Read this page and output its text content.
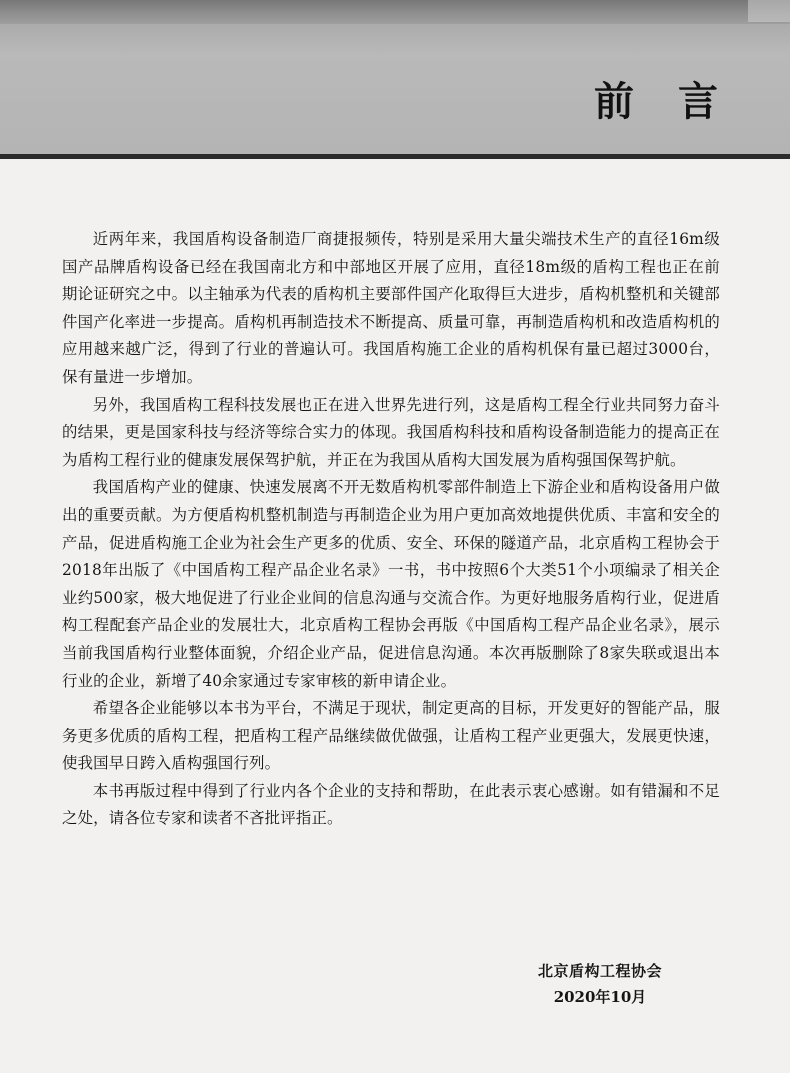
前言

近两年来，我国盾构设备制造厂商捷报频传，特别是采用大量尖端技术生产的直径16m级国产品牌盾构设备已经在我国南北方和中部地区开展了应用，直径18m级的盾构工程也正在前期论证研究之中。以主轴承为代表的盾构机主要部件国产化取得巨大进步，盾构机整机和关键部件国产化率进一步提高。盾构机再制造技术不断提高、质量可靠，再制造盾构机和改造盾构机的应用越来越广泛，得到了行业的普遍认可。我国盾构施工企业的盾构机保有量已超过3000台，保有量进一步增加。

另外，我国盾构工程科技发展也正在进入世界先进行列，这是盾构工程全行业共同努力奋斗的结果，更是国家科技与经济等综合实力的体现。我国盾构科技和盾构设备制造能力的提高正在为盾构工程行业的健康发展保驾护航，并正在为我国从盾构大国发展为盾构强国保驾护航。

我国盾构产业的健康、快速发展离不开无数盾构机零部件制造上下游企业和盾构设备用户做出的重要贡献。为方便盾构机整机制造与再制造企业为用户更加高效地提供优质、丰富和安全的产品，促进盾构施工企业为社会生产更多的优质、安全、环保的隧道产品，北京盾构工程协会于2018年出版了《中国盾构工程产品企业名录》一书，书中按照6个大类51个小项编录了相关企业约500家，极大地促进了行业企业间的信息沟通与交流合作。为更好地服务盾构行业，促进盾构工程配套产品企业的发展壮大，北京盾构工程协会再版《中国盾构工程产品企业名录》，展示当前我国盾构行业整体面貌，介绍企业产品，促进信息沟通。本次再版删除了8家失联或退出本行业的企业，新增了40余家通过专家审核的新申请企业。

希望各企业能够以本书为平台，不满足于现状，制定更高的目标，开发更好的智能产品，服务更多优质的盾构工程，把盾构工程产品继续做优做强，让盾构工程产业更强大，发展更快速，使我国早日跨入盾构强国行列。

本书再版过程中得到了行业内各个企业的支持和帮助，在此表示衷心感谢。如有错漏和不足之处，请各位专家和读者不吝批评指正。

北京盾构工程协会
2020年10月
